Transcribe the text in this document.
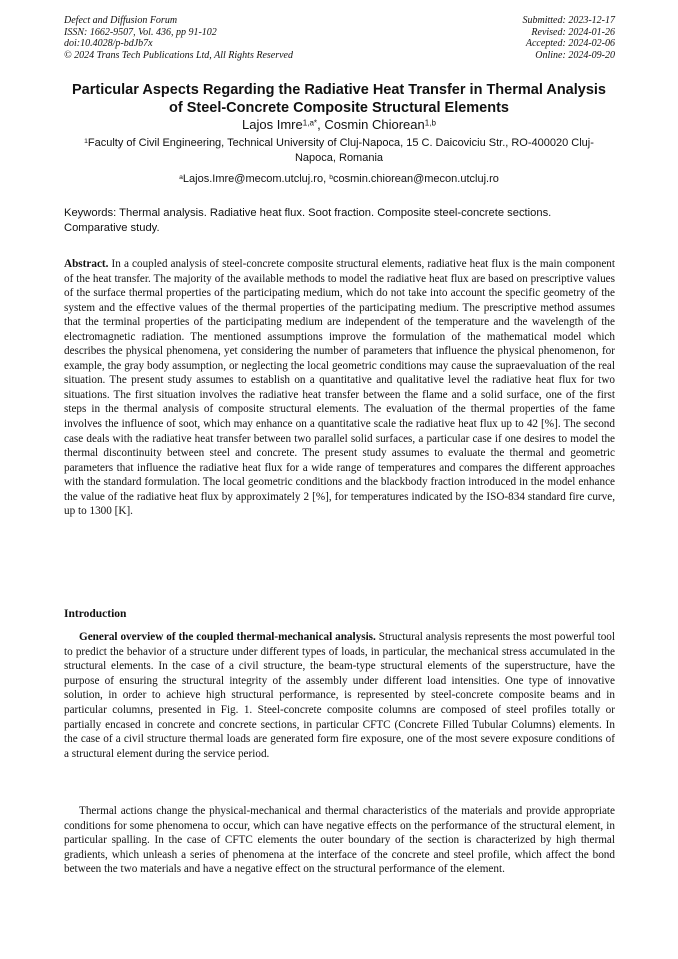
Defect and Diffusion Forum
ISSN: 1662-9507, Vol. 436, pp 91-102
doi:10.4028/p-bdJb7x
© 2024 Trans Tech Publications Ltd, All Rights Reserved
Submitted: 2023-12-17
Revised: 2024-01-26
Accepted: 2024-02-06
Online: 2024-09-20
Particular Aspects Regarding the Radiative Heat Transfer in Thermal Analysis of Steel-Concrete Composite Structural Elements
Lajos Imre$^{1,a*}$, Cosmin Chiorean$^{1,b}$
$^1$Faculty of Civil Engineering, Technical University of Cluj-Napoca, 15 C. Daicoviciu Str., RO-400020 Cluj-Napoca, Romania
$^a$Lajos.Imre@mecom.utcluj.ro, $^b$cosmin.chiorean@mecon.utcluj.ro
Keywords: Thermal analysis. Radiative heat flux. Soot fraction. Composite steel-concrete sections. Comparative study.

Abstract. In a coupled analysis of steel-concrete composite structural elements, radiative heat flux is the main component of the heat transfer. The majority of the available methods to model the radiative heat flux are based on prescriptive values of the surface thermal properties of the participating medium, which do not take into account the specific geometry of the system and the effective values of the thermal properties of the participating medium. The prescriptive method assumes that the terminal properties of the participating medium are independent of the temperature and the wavelength of the electromagnetic radiation. The mentioned assumptions improve the formulation of the mathematical model which describes the physical phenomena, yet considering the number of parameters that influence the physical phenomenon, for example, the gray body assumption, or neglecting the local geometric conditions may cause the supraevaluation of the real situation. The present study assumes to establish on a quantitative and qualitative level the radiative heat flux for two situations. The first situation involves the radiative heat transfer between the flame and a solid surface, one of the first steps in the thermal analysis of composite structural elements. The evaluation of the thermal properties of the fame involves the influence of soot, which may enhance on a quantitative scale the radiative heat flux up to 42 [%]. The second case deals with the radiative heat transfer between two parallel solid surfaces, a particular case if one desires to model the thermal discontinuity between steel and concrete. The present study assumes to evaluate the thermal and geometric parameters that influence the radiative heat flux for a wide range of temperatures and compares the different approaches with the standard formulation. The local geometric conditions and the blackbody fraction introduced in the model enhance the value of the radiative heat flux by approximately 2 [%], for temperatures indicated by the ISO-834 standard fire curve, up to 1300 [K].

Introduction

General overview of the coupled thermal-mechanical analysis. Structural analysis represents the most powerful tool to predict the behavior of a structure under different types of loads, in particular, the mechanical stress accumulated in the structural elements. In the case of a civil structure, the beam-type structural elements of the superstructure, have the purpose of ensuring the structural integrity of the assembly under different load intensities. One type of innovative solution, in order to achieve high structural performance, is represented by steel-concrete composite beams and in particular columns, presented in Fig. 1. Steel-concrete composite columns are composed of steel profiles totally or partially encased in concrete and concrete sections, in particular CFTC (Concrete Filled Tubular Columns) elements. In the case of a civil structure thermal loads are generated form fire exposure, one of the most severe exposure conditions of a structural element during the service period.

Thermal actions change the physical-mechanical and thermal characteristics of the materials and provide appropriate conditions for some phenomena to occur, which can have negative effects on the performance of the structural element, in particular spalling. In the case of CFTC elements the outer boundary of the section is characterized by high thermal gradients, which unleash a series of phenomena at the interface of the concrete and steel profile, which affect the bond between the two materials and have a negative effect on the structural performance of the element.
